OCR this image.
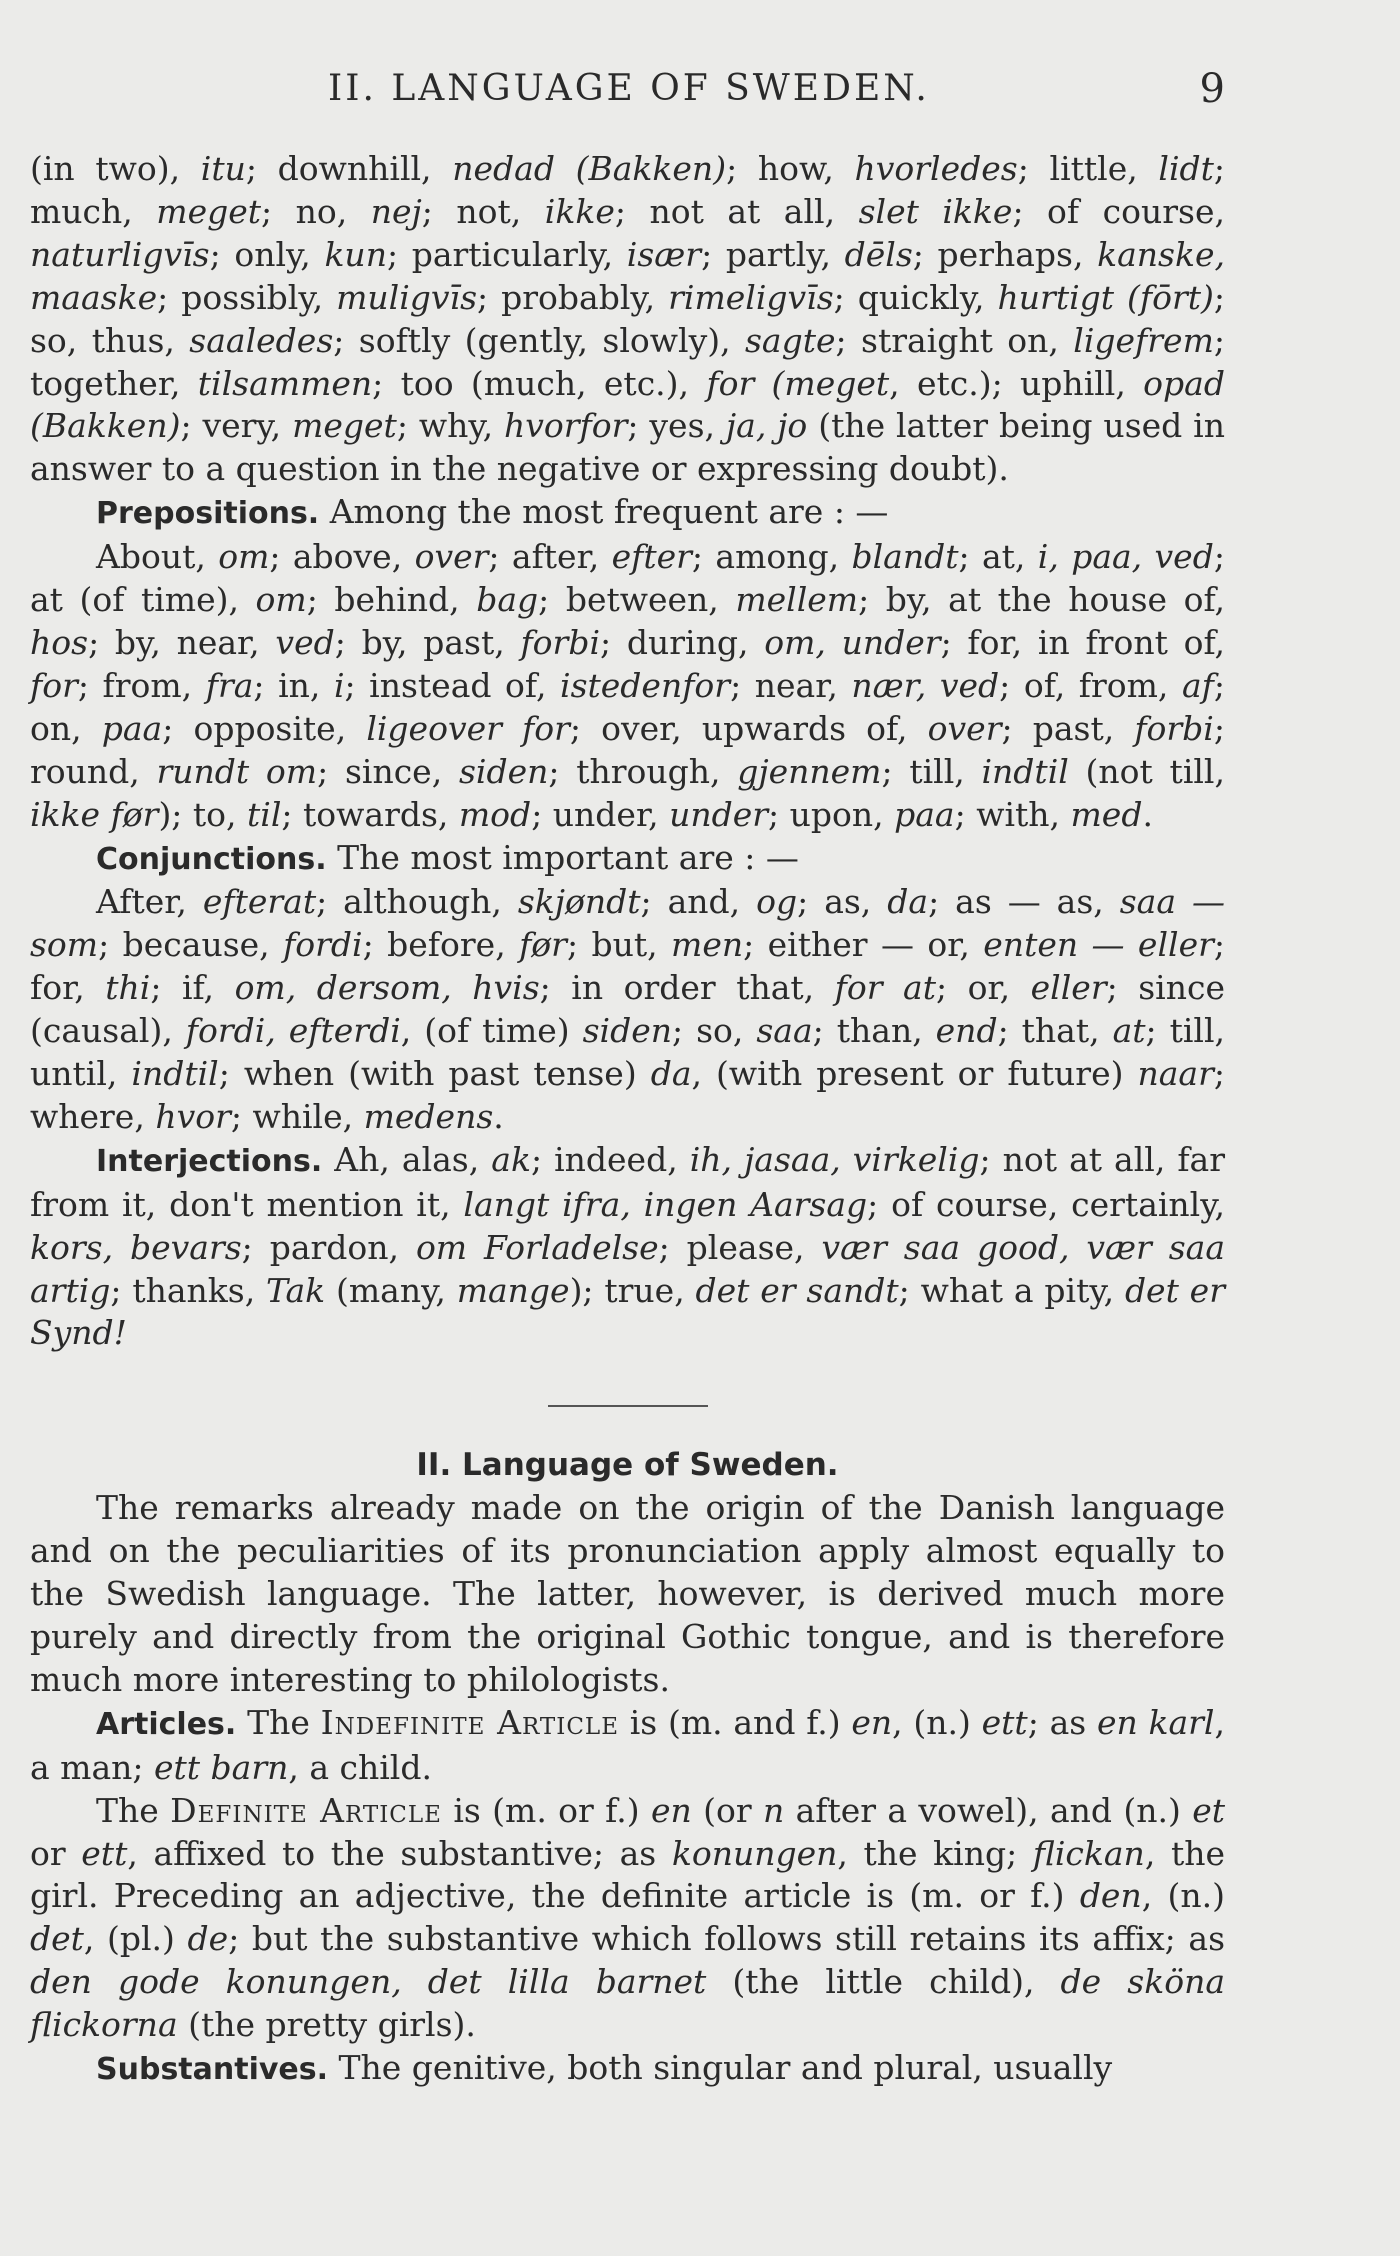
II. LANGUAGE OF SWEDEN.	9

(in two), itu; downhill, nedad (Bakken); how, hvorledes; little, lidt; much, meget; no, nej; not, ikke; not at all, slet ikke; of course, naturligvīs; only, kun; particularly, især; partly, dēls; perhaps, kanske, maaske; possibly, muligvīs; probably, rimeligvīs; quickly, hurtigt (fōrt); so, thus, saaledes; softly (gently, slowly), sagte; straight on, ligefrem; together, tilsammen; too (much, etc.), for (meget, etc.); uphill, opad (Bakken); very, meget; why, hvorfor; yes, ja, jo (the latter being used in answer to a question in the negative or expressing doubt).

Prepositions. Among the most frequent are : —

About, om; above, over; after, efter; among, blandt; at, i, paa, ved; at (of time), om; behind, bag; between, mellem; by, at the house of, hos; by, near, ved; by, past, forbi; during, om, under; for, in front of, for; from, fra; in, i; instead of, istedenfor; near, nær, ved; of, from, af; on, paa; opposite, ligeover for; over, upwards of, over; past, forbi; round, rundt om; since, siden; through, gjennem; till, indtil (not till, ikke før); to, til; towards, mod; under, under; upon, paa; with, med.

Conjunctions. The most important are : —

After, efterat; although, skjøndt; and, og; as, da; as — as, saa — som; because, fordi; before, før; but, men; either — or, enten — eller; for, thi; if, om, dersom, hvis; in order that, for at; or, eller; since (causal), fordi, efterdi, (of time) siden; so, saa; than, end; that, at; till, until, indtil; when (with past tense) da, (with present or future) naar; where, hvor; while, medens.

Interjections. Ah, alas, ak; indeed, ih, jasaa, virkelig; not at all, far from it, don't mention it, langt ifra, ingen Aarsag; of course, certainly, kors, bevars; pardon, om Forladelse; please, vær saa good, vær saa artig; thanks, Tak (many, mange); true, det er sandt; what a pity, det er Synd!

II. Language of Sweden.

The remarks already made on the origin of the Danish language and on the peculiarities of its pronunciation apply almost equally to the Swedish language. The latter, however, is derived much more purely and directly from the original Gothic tongue, and is therefore much more interesting to philologists.

Articles. The Indefinite Article is (m. and f.) en, (n.) ett; as en karl, a man; ett barn, a child.

The Definite Article is (m. or f.) en (or n after a vowel), and (n.) et or ett, affixed to the substantive; as konungen, the king; flickan, the girl. Preceding an adjective, the definite article is (m. or f.) den, (n.) det, (pl.) de; but the substantive which follows still retains its affix; as den gode konungen, det lilla barnet (the little child), de sköna flickorna (the pretty girls).

Substantives. The genitive, both singular and plural, usually
